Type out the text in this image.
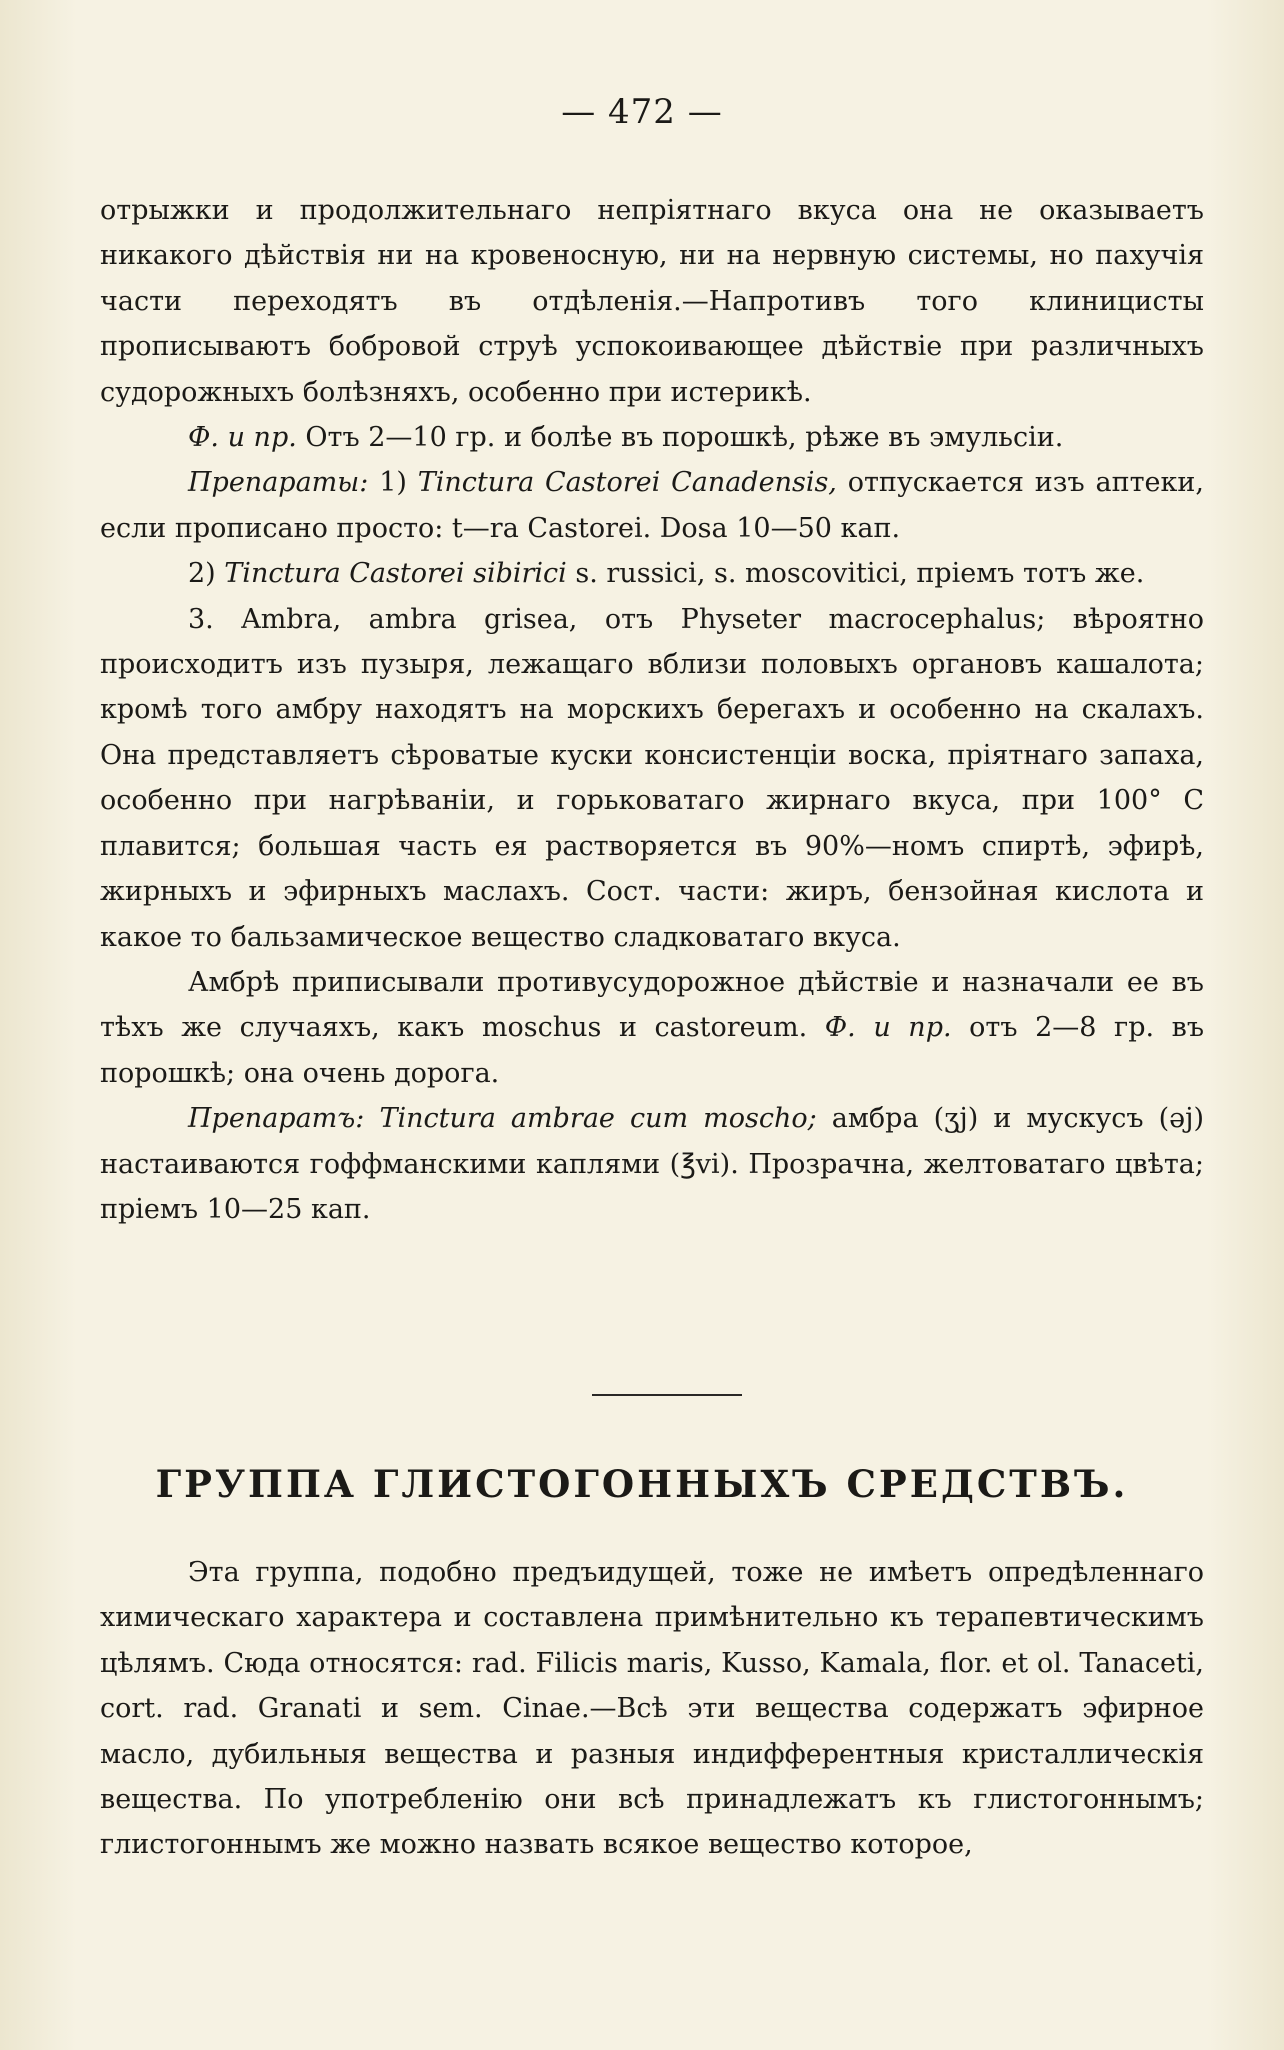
— 472 —

отрыжки и продолжительнаго непріятнаго вкуса она не оказываетъ никакого дѣйствія ни на кровеносную, ни на нервную системы, но пахучія части переходятъ въ отдѣленія.—Напротивъ того клиницисты прописываютъ бобровой струѣ успокоивающее дѣйствіе при различныхъ судорожныхъ болѣзняхъ, особенно при истерикѣ.

Ф. и пр. Отъ 2—10 гр. и болѣе въ порошкѣ, рѣже въ эмульсіи.

Препараты: 1) Tinctura Castorei Canadensis, отпускается изъ аптеки, если прописано просто: t—ra Castorei. Dosa 10—50 кап.

2) Tinctura Castorei sibirici s. russici, s. moscovitici, пріемъ тотъ же.

3. Ambra, ambra grisea, отъ Physeter macrocephalus; вѣроятно происходитъ изъ пузыря, лежащаго вблизи половыхъ органовъ кашалота; кромѣ того амбру находятъ на морскихъ берегахъ и особенно на скалахъ. Она представляетъ сѣроватые куски консистенціи воска, пріятнаго запаха, особенно при нагрѣваніи, и горьковатаго жирнаго вкуса, при 100° С плавится; большая часть ея растворяется въ 90%—номъ спиртѣ, эфирѣ, жирныхъ и эфирныхъ маслахъ. Сост. части: жиръ, бензойная кислота и какое то бальзамическое вещество сладковатаго вкуса.

Амбрѣ приписывали противусудорожное дѣйствіе и назначали ее въ тѣхъ же случаяхъ, какъ moschus и castoreum. Ф. и пр. отъ 2—8 гр. въ порошкѣ; она очень дорога.

Препаратъ: Tinctura ambrae cum moscho; амбра (ʒj) и мускусъ (ǝj) настаиваются гоффманскими каплями (℥vi). Прозрачна, желтоватаго цвѣта; пріемъ 10—25 кап.

ГРУППА ГЛИСТОГОННЫХЪ СРЕДСТВЪ.

Эта группа, подобно предъидущей, тоже не имѣетъ опредѣленнаго химическаго характера и составлена примѣнительно къ терапевтическимъ цѣлямъ. Сюда относятся: rad. Filicis maris, Kusso, Kamala, flor. et ol. Tanaceti, cort. rad. Granati и sem. Cinae.—Всѣ эти вещества содержатъ эфирное масло, дубильныя вещества и разныя индифферентныя кристаллическія вещества. По употребленію они всѣ принадлежатъ къ глистогоннымъ; глистогоннымъ же можно назвать всякое вещество которое,
